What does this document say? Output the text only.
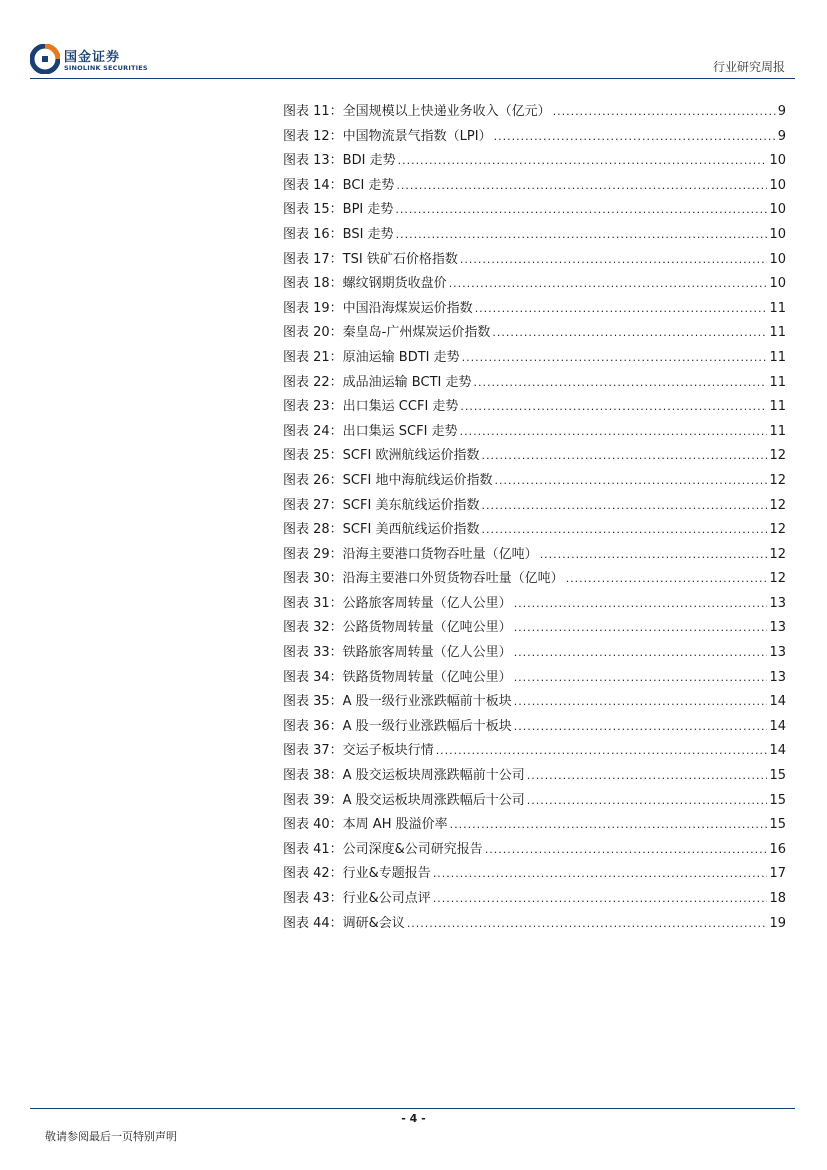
国金证券
SINOLINK SECURITIES	行业研究周报
图表 11：全国规模以上快递业务收入（亿元） .....	9
图表 12：中国物流景气指数（LPI） .....	9
图表 13：BDI 走势 .....	10
图表 14：BCI 走势 .....	10
图表 15：BPI 走势 .....	10
图表 16：BSI 走势 .....	10
图表 17：TSI 铁矿石价格指数 .....	10
图表 18：螺纹钢期货收盘价 .....	10
图表 19：中国沿海煤炭运价指数 .....	11
图表 20：秦皇岛-广州煤炭运价指数 .....	11
图表 21：原油运输 BDTI 走势 .....	11
图表 22：成品油运输 BCTI 走势 .....	11
图表 23：出口集运 CCFI 走势 .....	11
图表 24：出口集运 SCFI 走势 .....	11
图表 25：SCFI 欧洲航线运价指数 .....	12
图表 26：SCFI 地中海航线运价指数 .....	12
图表 27：SCFI 美东航线运价指数 .....	12
图表 28：SCFI 美西航线运价指数 .....	12
图表 29：沿海主要港口货物吞吐量（亿吨） .....	12
图表 30：沿海主要港口外贸货物吞吐量（亿吨） .....	12
图表 31：公路旅客周转量（亿人公里） .....	13
图表 32：公路货物周转量（亿吨公里） .....	13
图表 33：铁路旅客周转量（亿人公里） .....	13
图表 34：铁路货物周转量（亿吨公里） .....	13
图表 35：A 股一级行业涨跌幅前十板块 .....	14
图表 36：A 股一级行业涨跌幅后十板块 .....	14
图表 37：交运子板块行情 .....	14
图表 38：A 股交运板块周涨跌幅前十公司 .....	15
图表 39：A 股交运板块周涨跌幅后十公司 .....	15
图表 40：本周 AH 股溢价率 .....	15
图表 41：公司深度&公司研究报告 .....	16
图表 42：行业&专题报告 .....	17
图表 43：行业&公司点评 .....	18
图表 44：调研&会议 .....	19
- 4 -
敬请参阅最后一页特别声明
